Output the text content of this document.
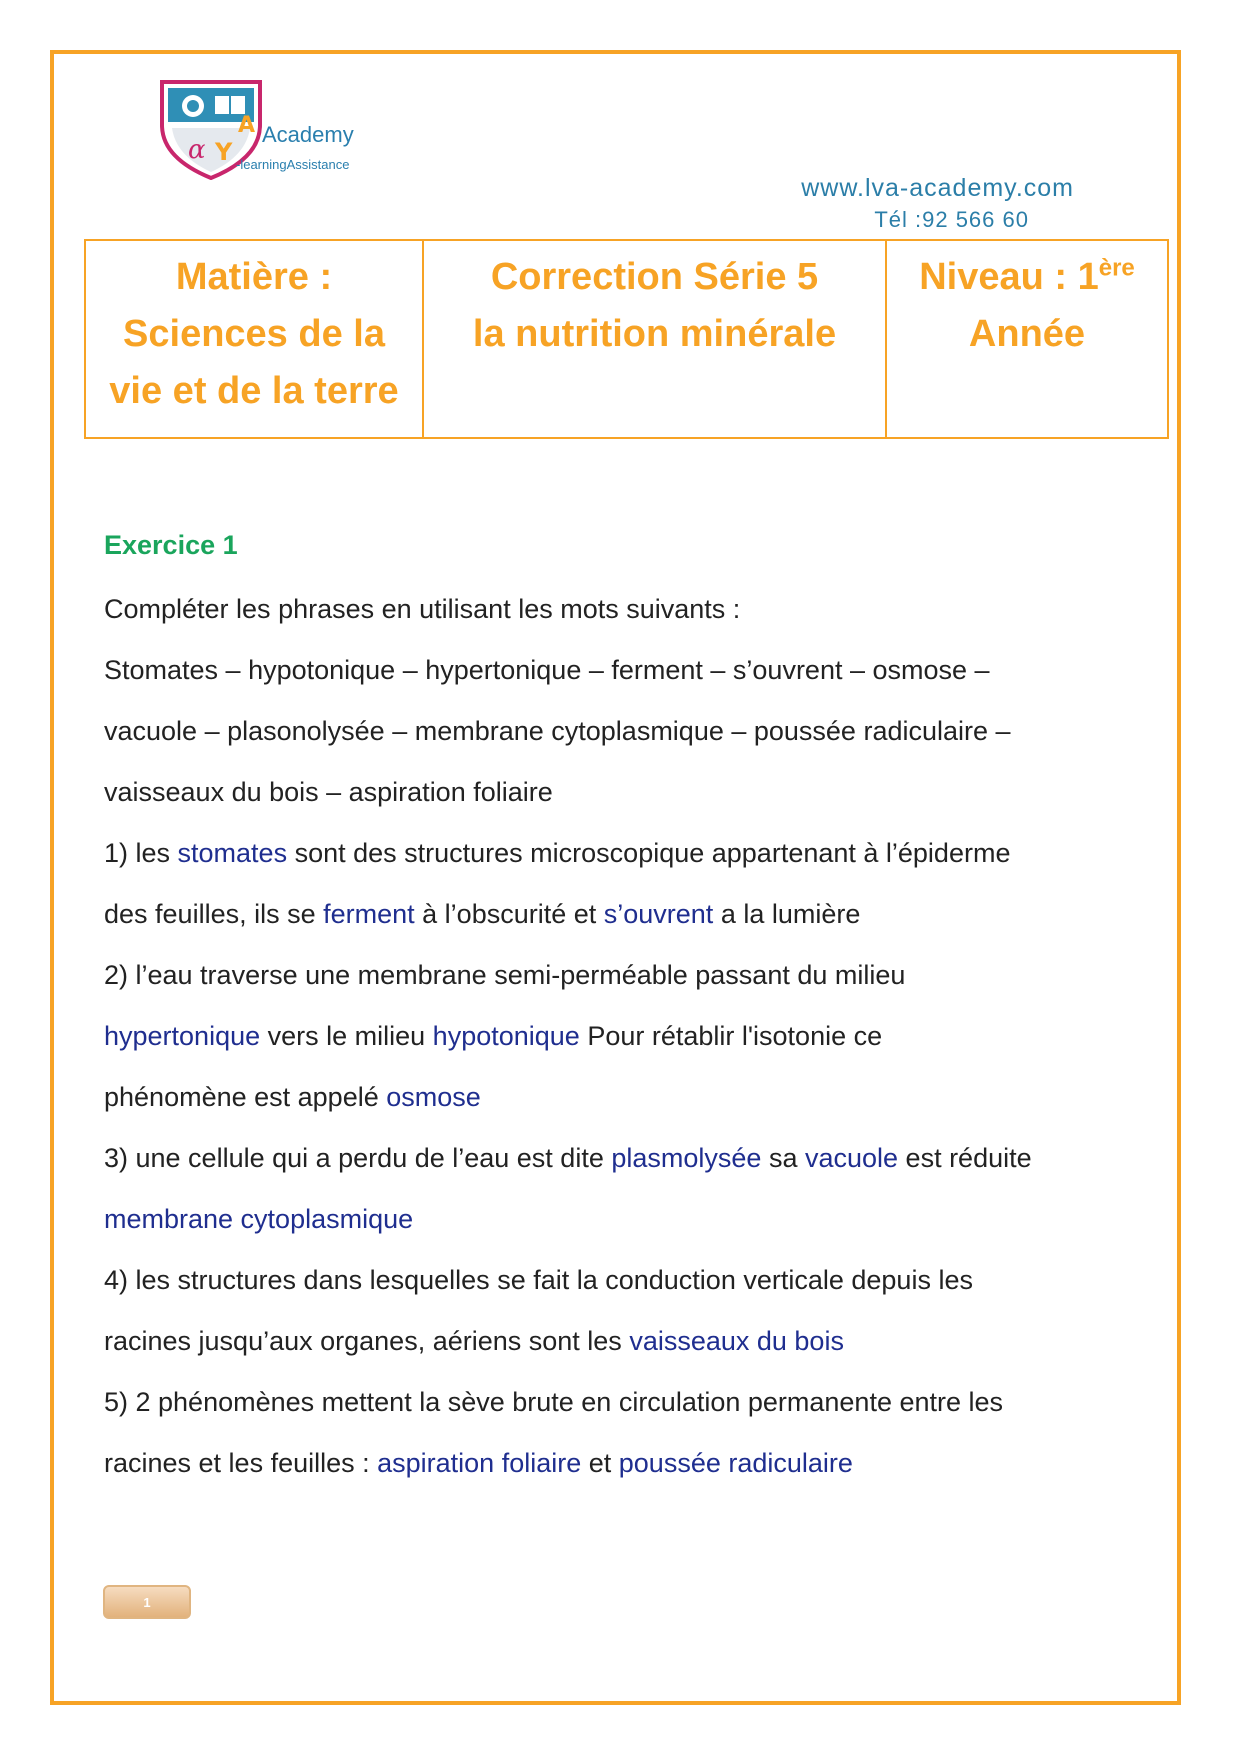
α Y
A Academy
-learningAssistance
www.lva-academy.com
Tél :92 566 60
Matière :
Sciences de la
vie et de la terre

Correction Série 5
la nutrition minérale

Niveau : 1ère
Année

Exercice 1

Compléter les phrases en utilisant les mots suivants :

Stomates – hypotonique – hypertonique – ferment – s’ouvrent – osmose –

vacuole – plasonolysée – membrane cytoplasmique – poussée radiculaire –

vaisseaux du bois – aspiration foliaire

1) les stomates sont des structures microscopique appartenant à l’épiderme

des feuilles, ils se ferment à l’obscurité et s’ouvrent a la lumière

2) l’eau traverse une membrane semi-perméable passant du milieu

hypertonique vers le milieu hypotonique Pour rétablir l'isotonie ce

phénomène est appelé osmose

3) une cellule qui a perdu de l’eau est dite plasmolysée sa vacuole est réduite

membrane cytoplasmique

4) les structures dans lesquelles se fait la conduction verticale depuis les

racines jusqu’aux organes, aériens sont les vaisseaux du bois

5) 2 phénomènes mettent la sève brute en circulation permanente entre les

racines et les feuilles : aspiration foliaire et poussée radiculaire

1
